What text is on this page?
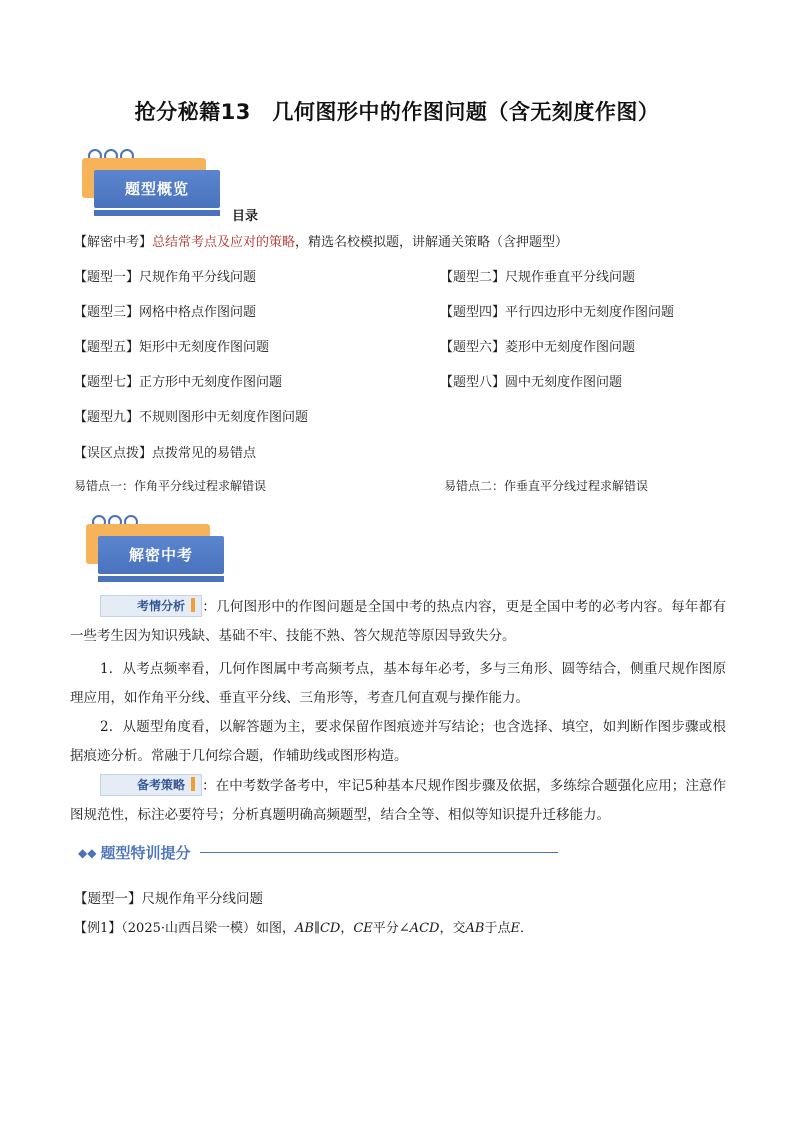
抢分秘籍13　几何图形中的作图问题（含无刻度作图）
题型概览
目录
【解密中考】总结常考点及应对的策略，精选名校模拟题，讲解通关策略（含押题型）
【题型一】尺规作角平分线问题	【题型二】尺规作垂直平分线问题
【题型三】网格中格点作图问题	【题型四】平行四边形中无刻度作图问题
【题型五】矩形中无刻度作图问题	【题型六】菱形中无刻度作图问题
【题型七】正方形中无刻度作图问题	【题型八】圆中无刻度作图问题
【题型九】不规则图形中无刻度作图问题
【误区点拨】点拨常见的易错点
易错点一：作角平分线过程求解错误	易错点二：作垂直平分线过程求解错误
解密中考
考情分析 ：几何图形中的作图问题是全国中考的热点内容，更是全国中考的必考内容。每年都有一些考生因为知识残缺、基础不牢、技能不熟、答欠规范等原因导致失分。
1．从考点频率看，几何作图属中考高频考点，基本每年必考，多与三角形、圆等结合，侧重尺规作图原理应用，如作角平分线、垂直平分线、三角形等，考查几何直观与操作能力。
2．从题型角度看，以解答题为主，要求保留作图痕迹并写结论；也含选择、填空，如判断作图步骤或根据痕迹分析。常融于几何综合题，作辅助线或图形构造。
备考策略 ：在中考数学备考中，牢记5种基本尺规作图步骤及依据，多练综合题强化应用；注意作图规范性，标注必要符号；分析真题明确高频题型，结合全等、相似等知识提升迁移能力。
◆◆ 题型特训提分
【题型一】尺规作角平分线问题
【例1】（2025·山西吕梁一模）如图，AB∥CD，CE平分∠ACD，交AB于点E．
